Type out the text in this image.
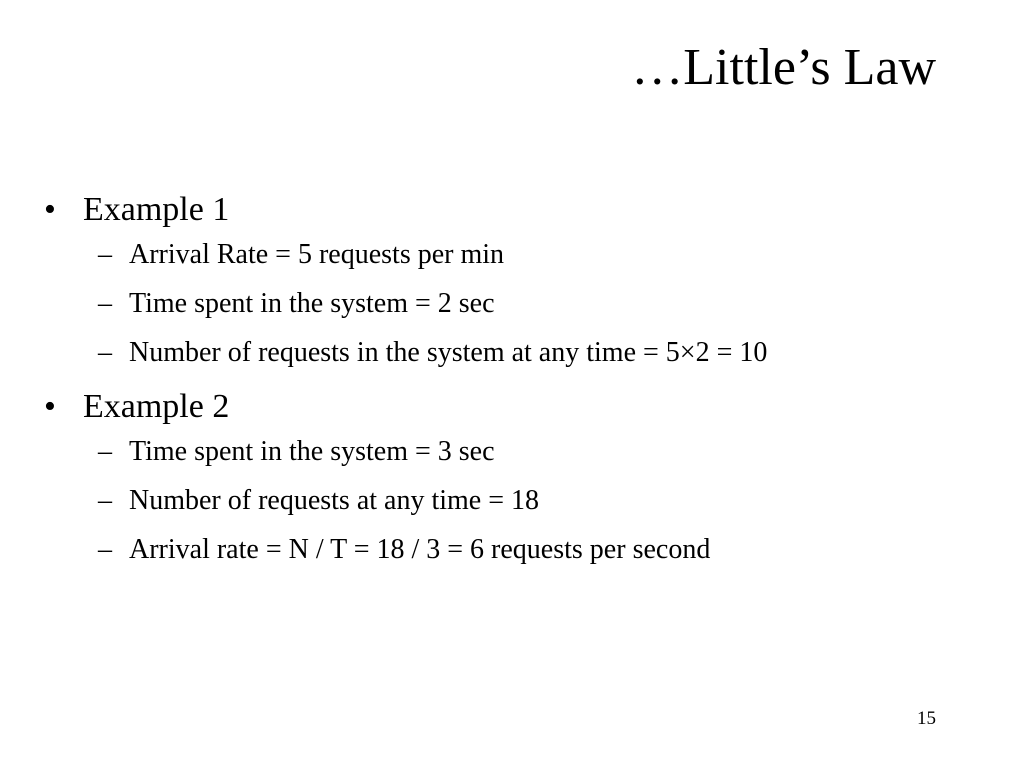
…Little’s Law
• Example 1
– Arrival Rate = 5 requests per min
– Time spent in the system = 2 sec
– Number of requests in the system at any time = 5×2 = 10
• Example 2
– Time spent in the system = 3 sec
– Number of requests at any time = 18
– Arrival rate = N / T = 18 / 3 = 6 requests per second
15
